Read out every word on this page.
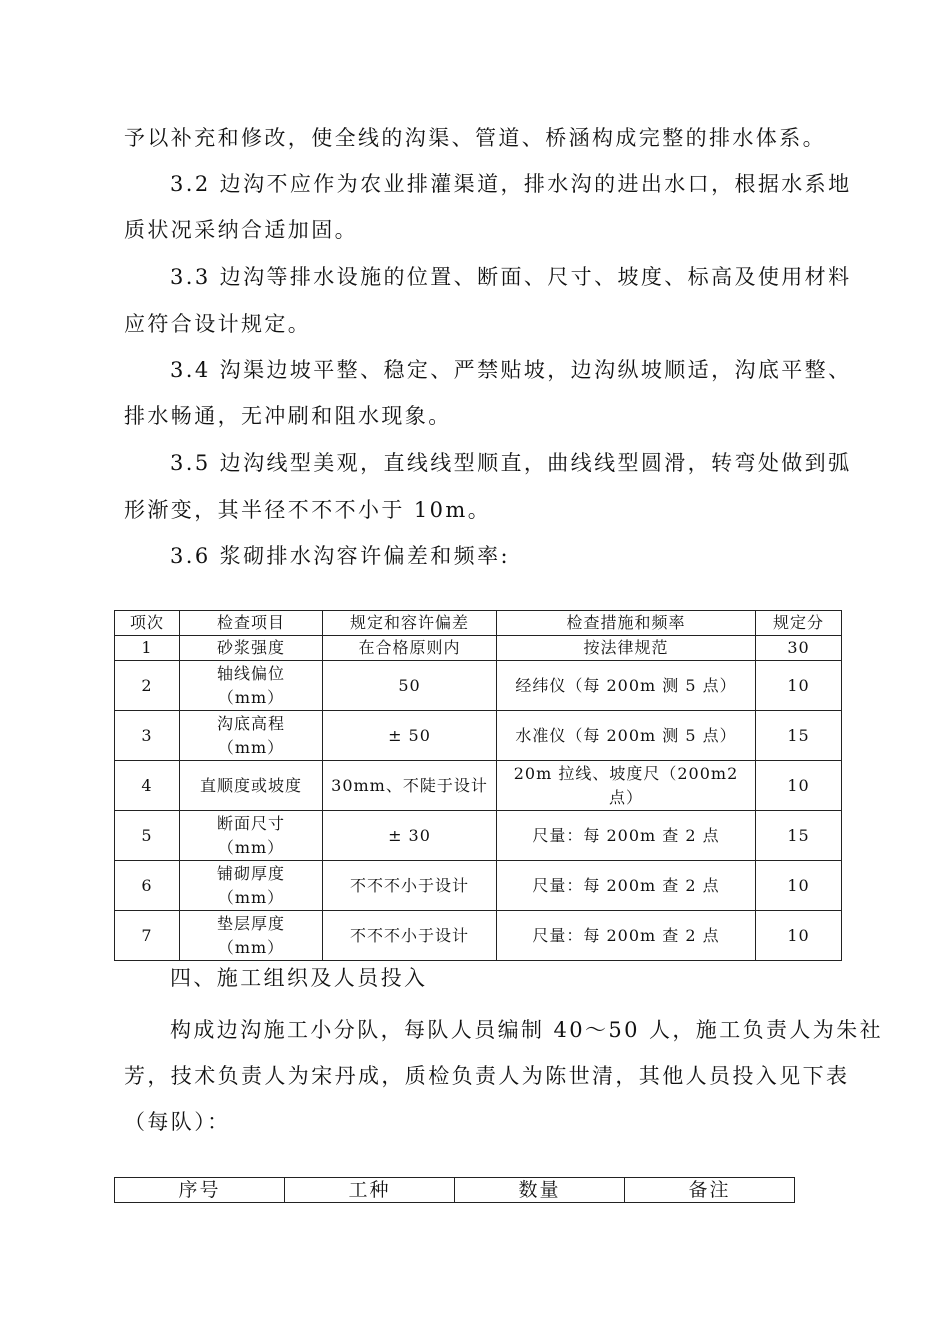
予以补充和修改，使全线的沟渠、管道、桥涵构成完整的排水体系。

3.2 边沟不应作为农业排灌渠道，排水沟的进出水口，根据水系地

质状况采纳合适加固。

3.3 边沟等排水设施的位置、断面、尺寸、坡度、标高及使用材料

应符合设计规定。

3.4 沟渠边坡平整、稳定、严禁贴坡，边沟纵坡顺适，沟底平整、

排水畅通，无冲刷和阻水现象。

3.5 边沟线型美观，直线线型顺直，曲线线型圆滑，转弯处做到弧

形渐变，其半径不不不小于 10m。

3.6 浆砌排水沟容许偏差和频率:

项次	检查项目	规定和容许偏差	检查措施和频率	规定分
1	砂浆强度	在合格原则内	按法律规范	30
2	轴线偏位
（mm）	50	经纬仪（每 200m 测 5 点）	10
3	沟底高程
（mm）	± 50	水准仪（每 200m 测 5 点）	15
4	直顺度或坡度	30mm、不陡于设计	20m 拉线、坡度尺（200m2
点）	10
5	断面尺寸
（mm）	± 30	尺量：每 200m 查 2 点	15
6	铺砌厚度
（mm）	不不不小于设计	尺量：每 200m 查 2 点	10
7	垫层厚度
（mm）	不不不小于设计	尺量：每 200m 查 2 点	10

四、施工组织及人员投入

构成边沟施工小分队，每队人员编制 40～50 人，施工负责人为朱社

芳，技术负责人为宋丹成，质检负责人为陈世清，其他人员投入见下表

（每队）：

序号	工种	数量	备注
